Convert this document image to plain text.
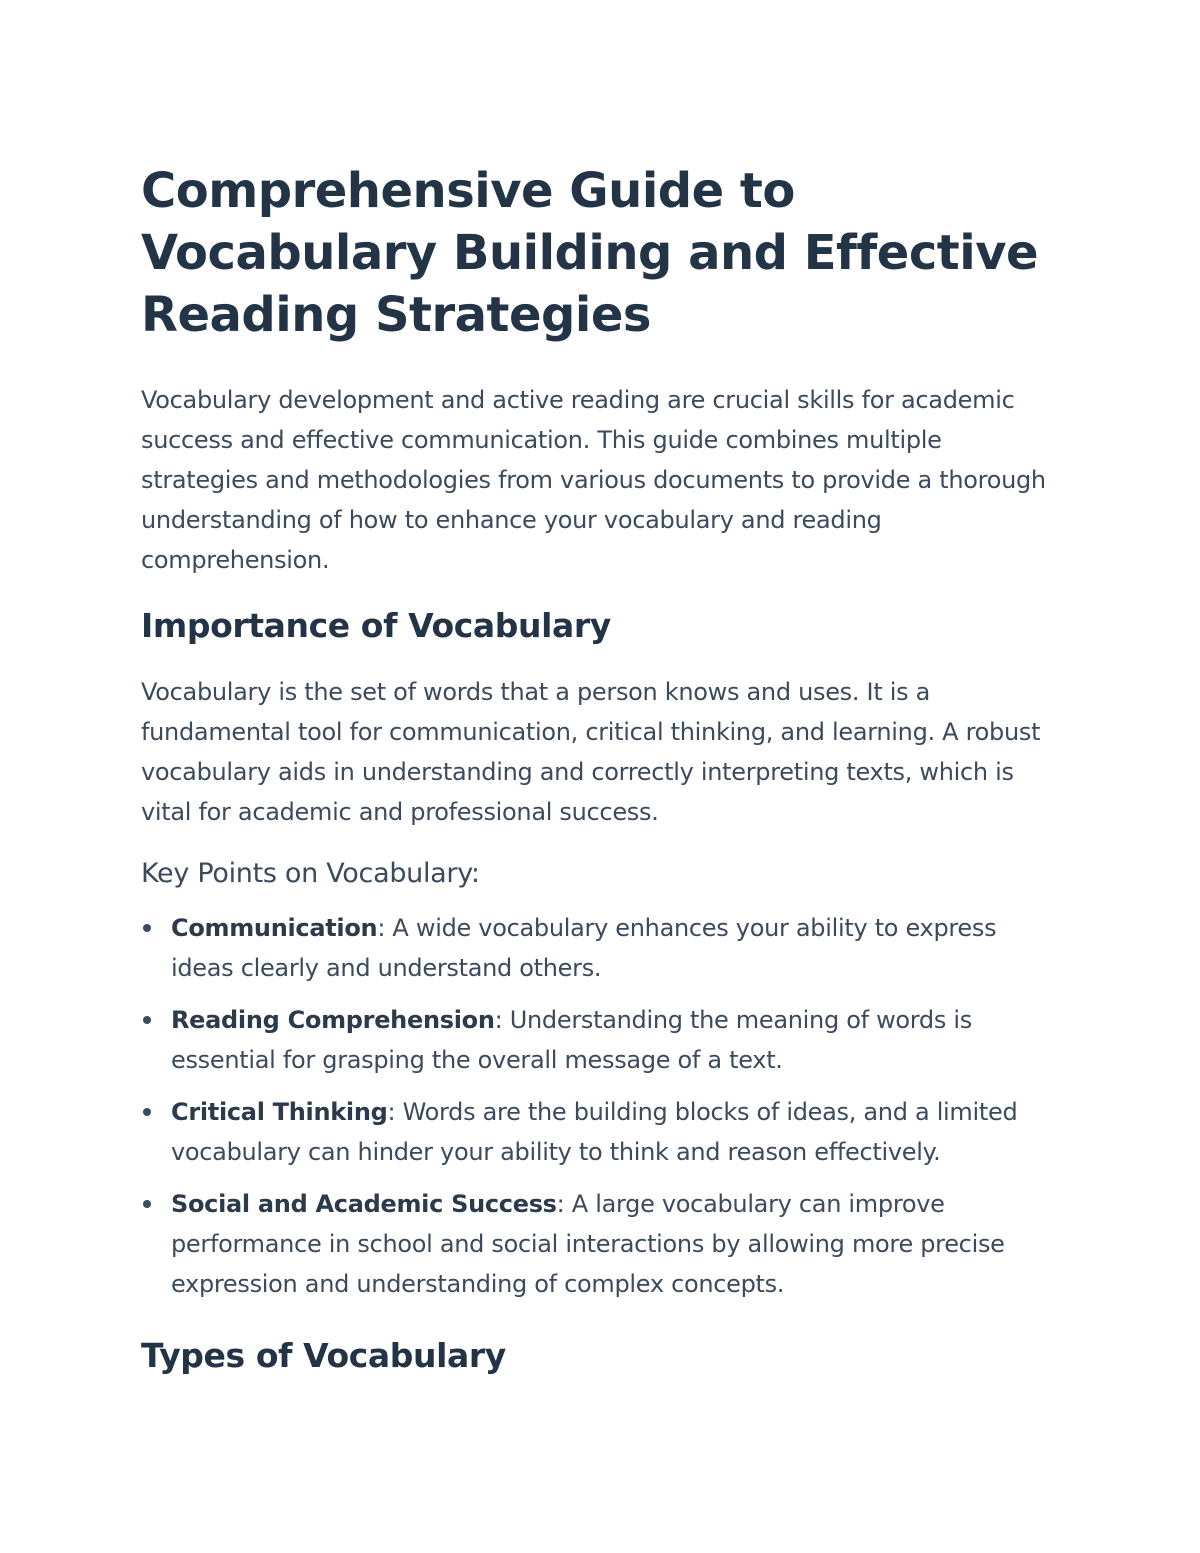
Comprehensive Guide to Vocabulary Building and Effective Reading Strategies

Vocabulary development and active reading are crucial skills for academic success and effective communication. This guide combines multiple strategies and methodologies from various documents to provide a thorough understanding of how to enhance your vocabulary and reading comprehension.

Importance of Vocabulary

Vocabulary is the set of words that a person knows and uses. It is a fundamental tool for communication, critical thinking, and learning. A robust vocabulary aids in understanding and correctly interpreting texts, which is vital for academic and professional success.

Key Points on Vocabulary:
Communication: A wide vocabulary enhances your ability to express ideas clearly and understand others.
Reading Comprehension: Understanding the meaning of words is essential for grasping the overall message of a text.
Critical Thinking: Words are the building blocks of ideas, and a limited vocabulary can hinder your ability to think and reason effectively.
Social and Academic Success: A large vocabulary can improve performance in school and social interactions by allowing more precise expression and understanding of complex concepts.
Types of Vocabulary
